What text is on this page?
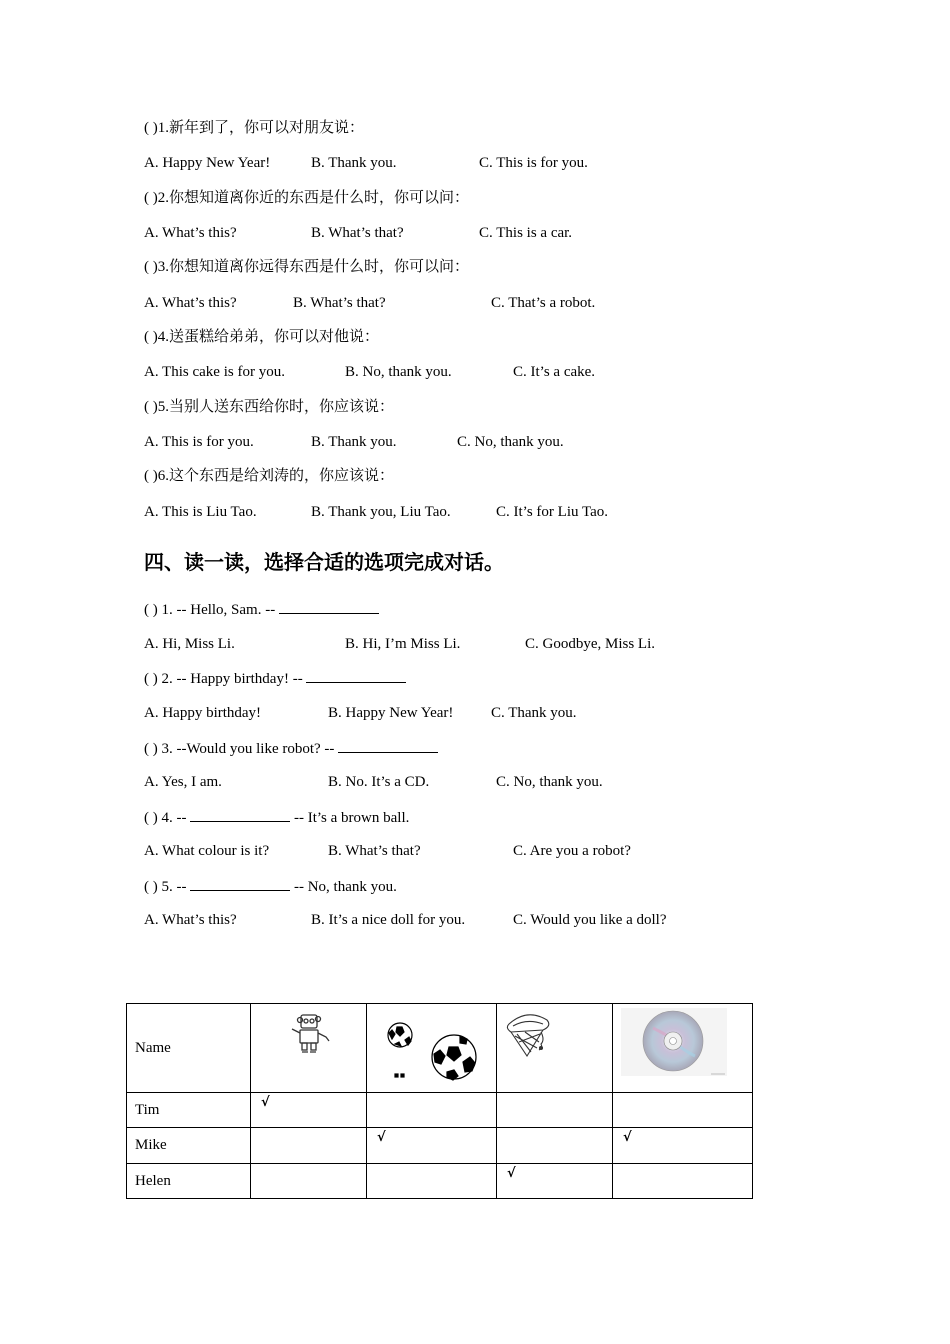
( )1.新年到了，你可以对朋友说：
A. Happy New Year!	B. Thank you.	C. This is for you.
( )2.你想知道离你近的东西是什么时，你可以问：
A. What’s this?	B. What’s that?	C. This is a car.
( )3.你想知道离你远得东西是什么时，你可以问：
A. What’s this?	B. What’s that?	C. That’s a robot.
( )4.送蛋糕给弟弟，你可以对他说：
A. This cake is for you.	B. No, thank you.	C. It’s a cake.
( )5.当别人送东西给你时，你应该说：
A. This is for you.	B. Thank you.	C. No, thank you.
( )6.这个东西是给刘涛的，你应该说：
A. This is Liu Tao.	B. Thank you, Liu Tao.	C. It’s for Liu Tao.
四、读一读，选择合适的选项完成对话。
( ) 1. -- Hello, Sam. --
A. Hi, Miss Li.	B. Hi, I’m Miss Li.	C. Goodbye, Miss Li.
( ) 2. -- Happy birthday! --
A. Happy birthday!	B. Happy New Year!	C. Thank you.
( ) 3. --Would you like robot? --
A. Yes, I am.	B. No. It’s a CD.	C. No, thank you.
( ) 4. --	-- It’s a brown ball.
A. What colour is it?	B. What’s that?	C. Are you a robot?
( ) 5. --	-- No, thank you.
A. What’s this?	B. It’s a nice doll for you.	C. Would you like a doll?
Name				
Tim	√			
Mike		√		√
Helen			√	
